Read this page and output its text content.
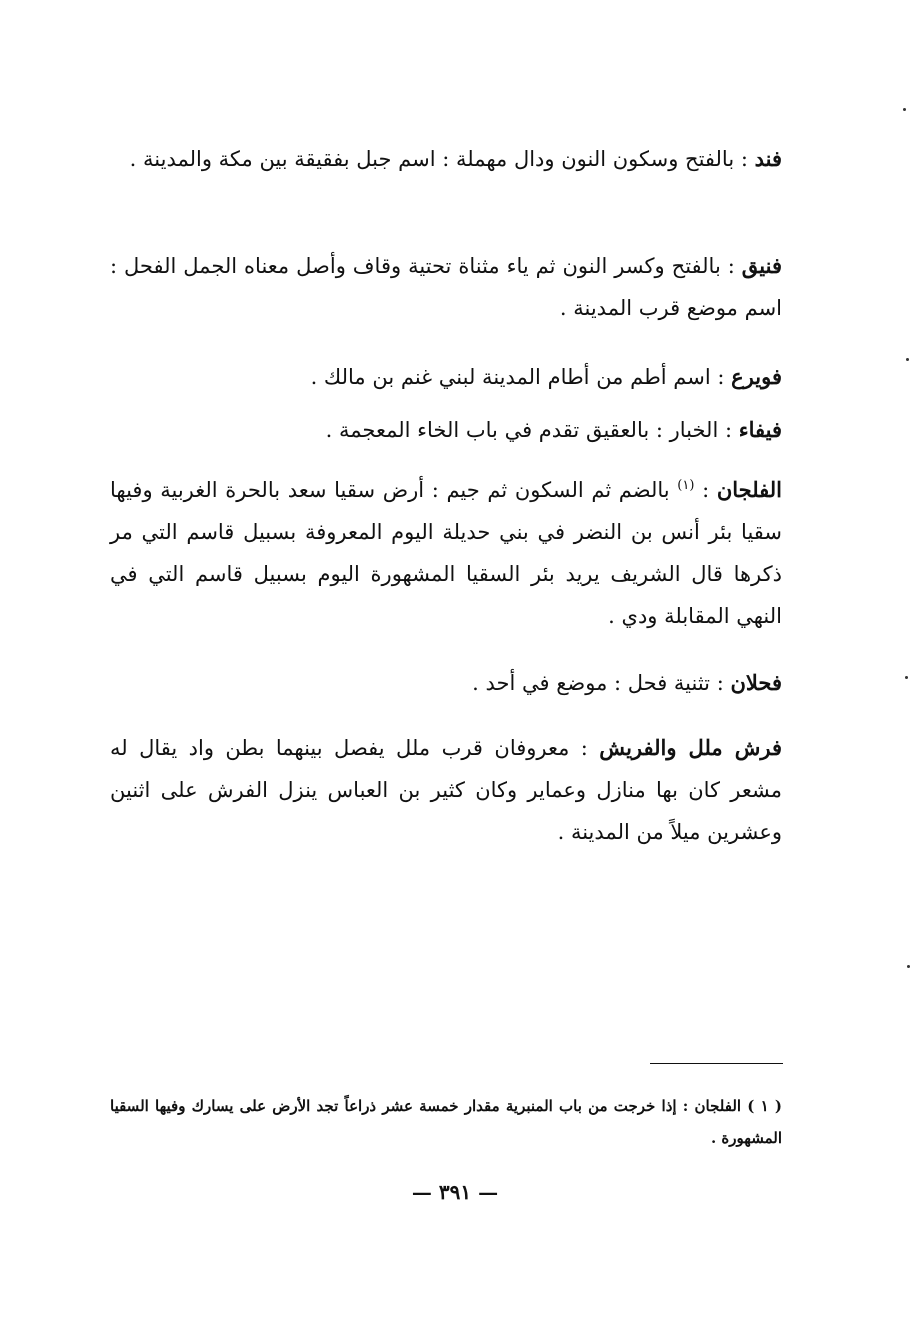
فند : بالفتح وسكون النون ودال مهملة : اسم جبل بفقيقة بين مكة والمدينة .

فنيق : بالفتح وكسر النون ثم ياء مثناة تحتية وقاف وأصل معناه الجمل الفحل : اسم موضع قرب المدينة .

فويرع : اسم أطم من أطام المدينة لبني غنم بن مالك .

فيفاء : الخبار : بالعقيق تقدم في باب الخاء المعجمة .

الفلجان : $^{(١)}$ بالضم ثم السكون ثم جيم : أرض سقيا سعد بالحرة الغربية وفيها سقيا بئر أنس بن النضر في بني حديلة اليوم المعروفة بسبيل قاسم التي مر ذكرها قال الشريف يريد بئر السقيا المشهورة اليوم بسبيل قاسم التي في النهي المقابلة ودي .

فحلان : تثنية فحل : موضع في أحد .

فرش ملل والفريش : معروفان قرب ملل يفصل بينهما بطن واد يقال له مشعر كان بها منازل وعماير وكان كثير بن العباس ينزل الفرش على اثنين وعشرين ميلاً من المدينة .

( ١ ) الفلجان : إذا خرجت من باب المنبرية مقدار خمسة عشر ذراعاً تجد الأرض على يسارك وفيها السقيا المشهورة .

— ٣٩١ —
